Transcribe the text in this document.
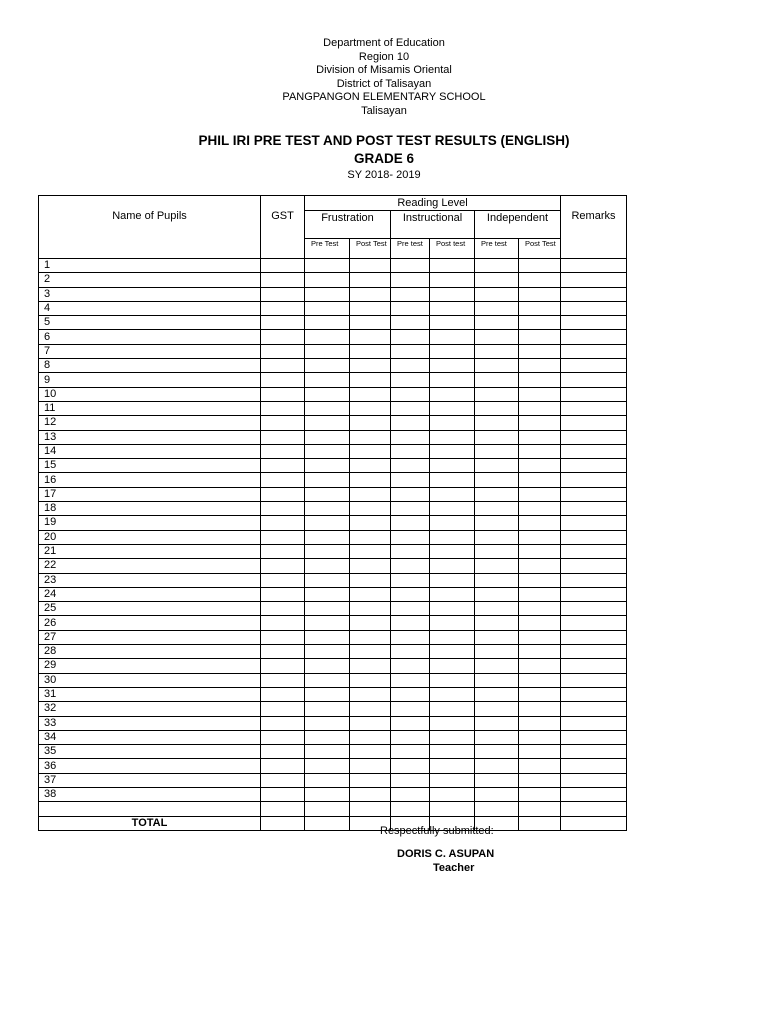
Department of Education
Region 10
Division of Misamis Oriental
District of Talisayan
PANGPANGON ELEMENTARY SCHOOL
Talisayan
PHIL IRI PRE TEST AND POST TEST RESULTS (ENGLISH)
GRADE 6
SY 2018- 2019
Name of Pupils	GST	Reading Level						Remarks
		Frustration		Instructional		Independent		
		Pre Test	Post Test	Pre test	Post test	Pre test	Post Test	
1								
2								
3								
4								
5								
6								
7								
8								
9								
10								
11								
12								
13								
14								
15								
16								
17								
18								
19								
20								
21								
22								
23								
24								
25								
26								
27								
28								
29								
30								
31								
32								
33								
34								
35								
36								
37								
38								

TOTAL								
Respectfully submitted:
DORIS C. ASUPAN
Teacher
